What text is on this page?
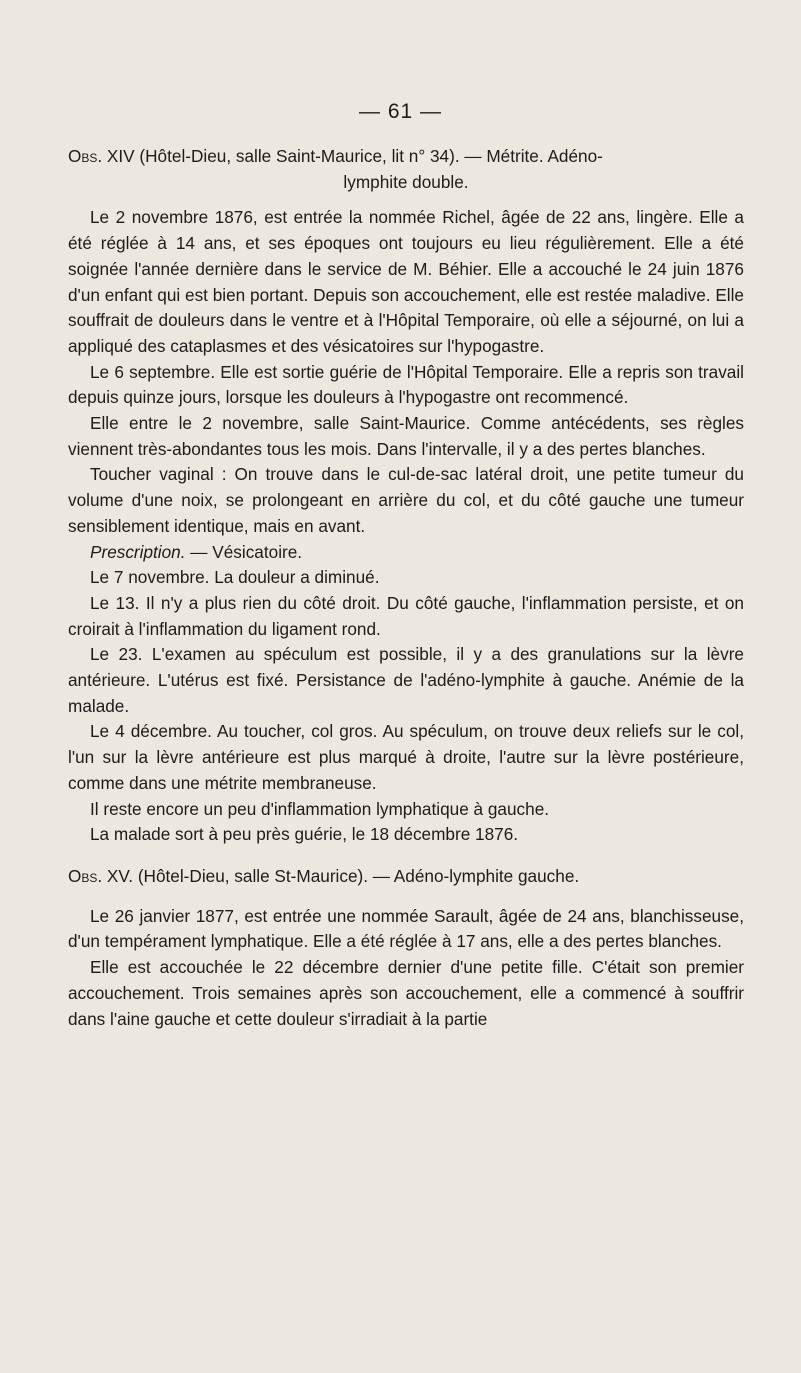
— 61 —

Obs. XIV (Hôtel-Dieu, salle Saint-Maurice, lit n° 34). — Métrite. Adéno-
lymphite double.

Le 2 novembre 1876, est entrée la nommée Richel, âgée de 22 ans, lingère. Elle a été réglée à 14 ans, et ses époques ont toujours eu lieu régulièrement. Elle a été soignée l'année dernière dans le service de M. Béhier. Elle a accouché le 24 juin 1876 d'un enfant qui est bien portant. Depuis son accouchement, elle est restée maladive. Elle souffrait de douleurs dans le ventre et à l'Hôpital Temporaire, où elle a séjourné, on lui a appliqué des cataplasmes et des vésicatoires sur l'hypogastre.

Le 6 septembre. Elle est sortie guérie de l'Hôpital Temporaire. Elle a repris son travail depuis quinze jours, lorsque les douleurs à l'hypogastre ont recommencé.

Elle entre le 2 novembre, salle Saint-Maurice. Comme antécédents, ses règles viennent très-abondantes tous les mois. Dans l'intervalle, il y a des pertes blanches.

Toucher vaginal : On trouve dans le cul-de-sac latéral droit, une petite tumeur du volume d'une noix, se prolongeant en arrière du col, et du côté gauche une tumeur sensiblement identique, mais en avant.

Prescription. — Vésicatoire.

Le 7 novembre. La douleur a diminué.

Le 13. Il n'y a plus rien du côté droit. Du côté gauche, l'inflammation persiste, et on croirait à l'inflammation du ligament rond.

Le 23. L'examen au spéculum est possible, il y a des granulations sur la lèvre antérieure. L'utérus est fixé. Persistance de l'adéno-lymphite à gauche. Anémie de la malade.

Le 4 décembre. Au toucher, col gros. Au spéculum, on trouve deux reliefs sur le col, l'un sur la lèvre antérieure est plus marqué à droite, l'autre sur la lèvre postérieure, comme dans une métrite membraneuse.

Il reste encore un peu d'inflammation lymphatique à gauche.

La malade sort à peu près guérie, le 18 décembre 1876.

Obs. XV. (Hôtel-Dieu, salle St-Maurice). — Adéno-lymphite gauche.

Le 26 janvier 1877, est entrée une nommée Sarault, âgée de 24 ans, blanchisseuse, d'un tempérament lymphatique. Elle a été réglée à 17 ans, elle a des pertes blanches.

Elle est accouchée le 22 décembre dernier d'une petite fille. C'était son premier accouchement. Trois semaines après son accouchement, elle a commencé à souffrir dans l'aine gauche et cette douleur s'irradiait à la partie
